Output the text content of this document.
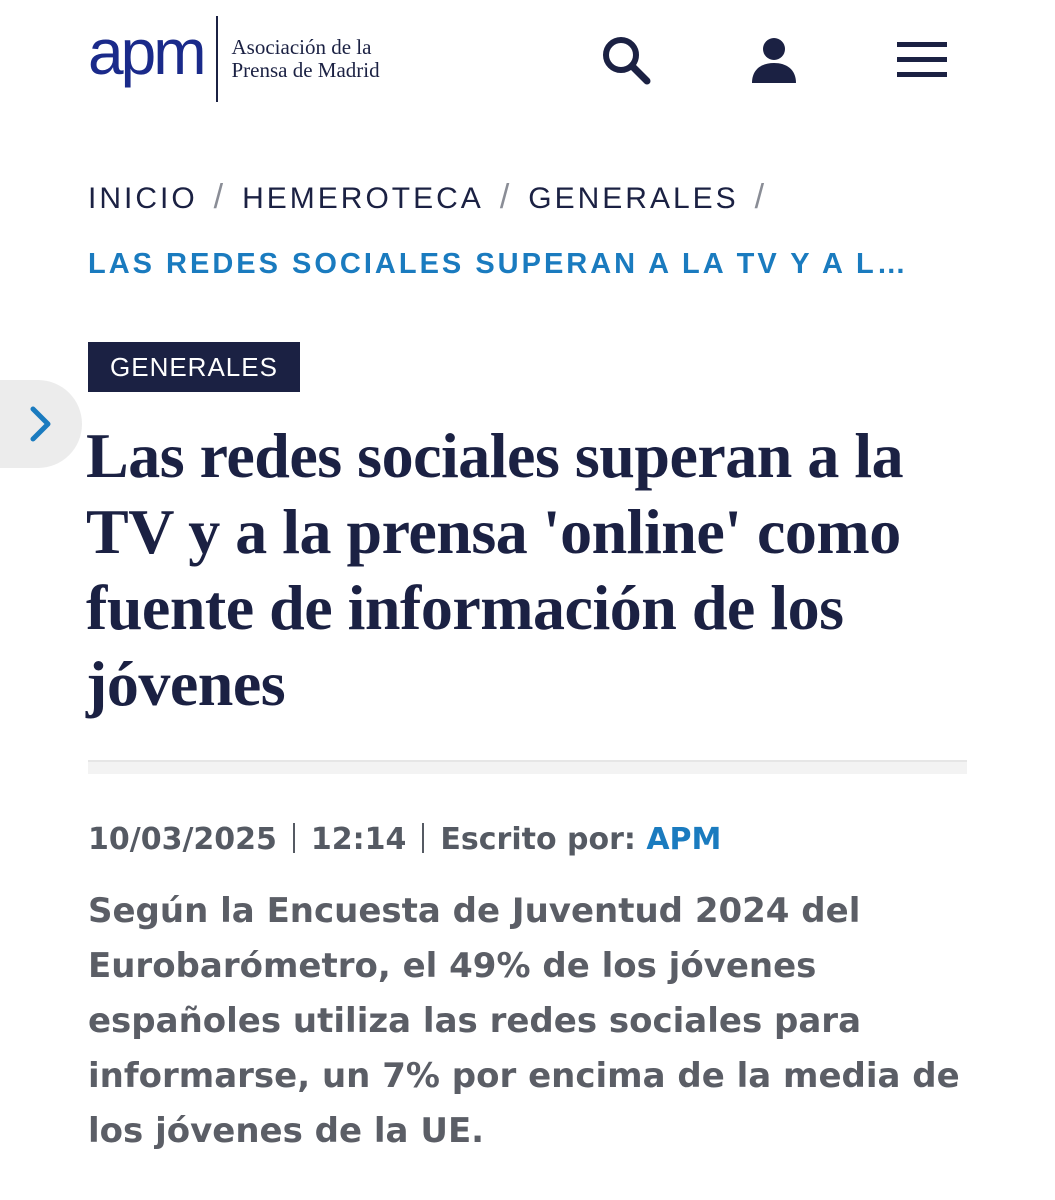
apm Asociación de la
Prensa de Madrid
INICIO / HEMEROTECA / GENERALES /
LAS REDES SOCIALES SUPERAN A LA TV Y A L…
GENERALES
Las redes sociales superan a la TV y a la prensa 'online' como fuente de información de los jóvenes
10/03/2025 12:14 Escrito por: APM

Según la Encuesta de Juventud 2024 del Eurobarómetro, el 49% de los jóvenes españoles utiliza las redes sociales para informarse, un 7% por encima de la media de los jóvenes de la UE.
